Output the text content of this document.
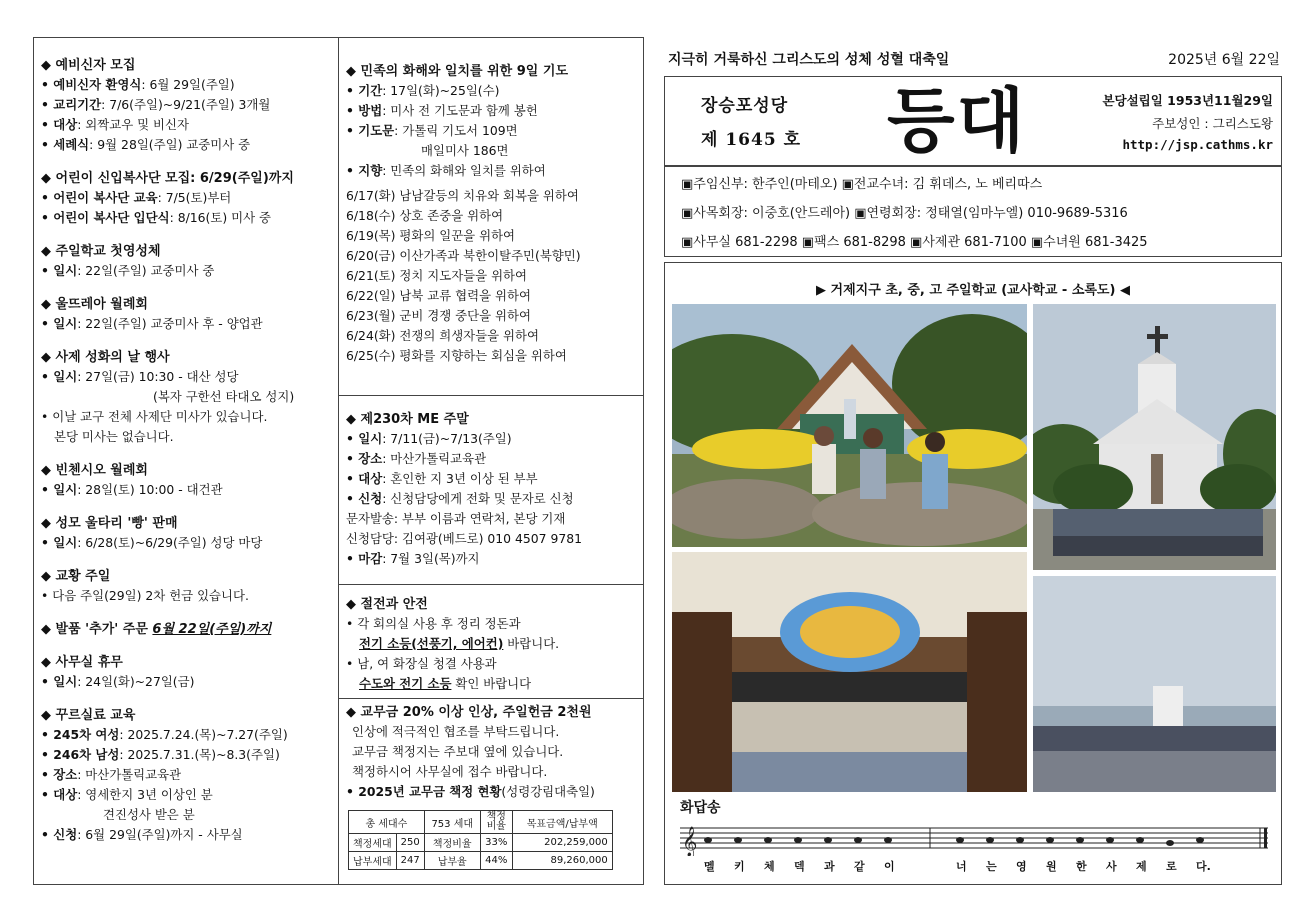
◆ 예비신자 모집
• 예비신자 환영식: 6월 29일(주일)
• 교리기간: 7/6(주일)~9/21(주일) 3개월
• 대상: 외짝교우 및 비신자
• 세례식: 9월 28일(주일) 교중미사 중
◆ 어린이 신입복사단 모집: 6/29(주일)까지
• 어린이 복사단 교육: 7/5(토)부터
• 어린이 복사단 입단식: 8/16(토) 미사 중
◆ 주일학교 첫영성체
• 일시: 22일(주일) 교중미사 중
◆ 울뜨레아 월례회
• 일시: 22일(주일) 교중미사 후 - 양업관
◆ 사제 성화의 날 행사
• 일시: 27일(금) 10:30 - 대산 성당
(복자 구한선 타대오 성지)
• 이날 교구 전체 사제단 미사가 있습니다.
본당 미사는 없습니다.
◆ 빈첸시오 월례회
• 일시: 28일(토) 10:00 - 대건관
◆ 성모 울타리 '빵' 판매
• 일시: 6/28(토)~6/29(주일) 성당 마당
◆ 교황 주일
• 다음 주일(29일) 2차 헌금 있습니다.
◆ 발품 '추가' 주문 6월 22일(주일)까지
◆ 사무실 휴무
• 일시: 24일(화)~27일(금)
◆ 꾸르실료 교육
• 245차 여성: 2025.7.24.(목)~7.27(주일)
• 246차 남성: 2025.7.31.(목)~8.3(주일)
• 장소: 마산가톨릭교육관
• 대상: 영세한지 3년 이상인 분
견진성사 받은 분
• 신청: 6월 29일(주일)까지 - 사무실
◆ 민족의 화해와 일치를 위한 9일 기도
• 기간: 17일(화)~25일(수)
• 방법: 미사 전 기도문과 함께 봉헌
• 기도문: 가톨릭 기도서 109면
매일미사 186면
• 지향: 민족의 화해와 일치를 위하여
6/17(화) 남남갈등의 치유와 회복을 위하여
6/18(수) 상호 존중을 위하여
6/19(목) 평화의 일꾼을 위하여
6/20(금) 이산가족과 북한이탈주민(북향민)
6/21(토) 정치 지도자들을 위하여
6/22(일) 남북 교류 협력을 위하여
6/23(월) 군비 경쟁 중단을 위하여
6/24(화) 전쟁의 희생자들을 위하여
6/25(수) 평화를 지향하는 회심을 위하여
◆ 제230차 ME 주말
• 일시: 7/11(금)~7/13(주일)
• 장소: 마산가톨릭교육관
• 대상: 혼인한 지 3년 이상 된 부부
• 신청: 신청담당에게 전화 및 문자로 신청
문자발송: 부부 이름과 연락처, 본당 기재
신청담당: 김여광(베드로) 010 4507 9781
• 마감: 7월 3일(목)까지
◆ 절전과 안전
• 각 회의실 사용 후 정리 정돈과
전기 소등(선풍기, 에어컨) 바랍니다.
• 남, 여 화장실 청결 사용과
수도와 전기 소등 확인 바랍니다
◆ 교무금 20% 이상 인상, 주일헌금 2천원
인상에 적극적인 협조를 부탁드립니다.
교무금 책정지는 주보대 옆에 있습니다.
책정하시어 사무실에 접수 바랍니다.
• 2025년 교무금 책정 현황(성령강림대축일)
총 세대수		753 세대	책정 비율	목표금액/납부액
책정세대	250	책정비율	33%	202,259,000
납부세대	247	납부율	44%	89,260,000
지극히 거룩하신 그리스도의 성체 성혈 대축일	2025년 6월 22일
장승포성당
제 1645 호 등대	본당설립일 1953년11월29일
주보성인 : 그리스도왕
http://jsp.cathms.kr
▣주임신부: 한주인(마테오) ▣전교수녀: 김 휘데스, 노 베리따스
▣사목회장: 이중호(안드레아) ▣연령회장: 정태열(임마누엘) 010-9689-5316
▣사무실 681-2298 ▣팩스 681-8298 ▣사제관 681-7100 ▣수녀원 681-3425
▶ 거제지구 초, 중, 고 주일학교 (교사학교 - 소록도) ◀
화답송
𝄞
멜 키 체 덱 과 같 이	너 는 영 원 한 사 제 로 다.
